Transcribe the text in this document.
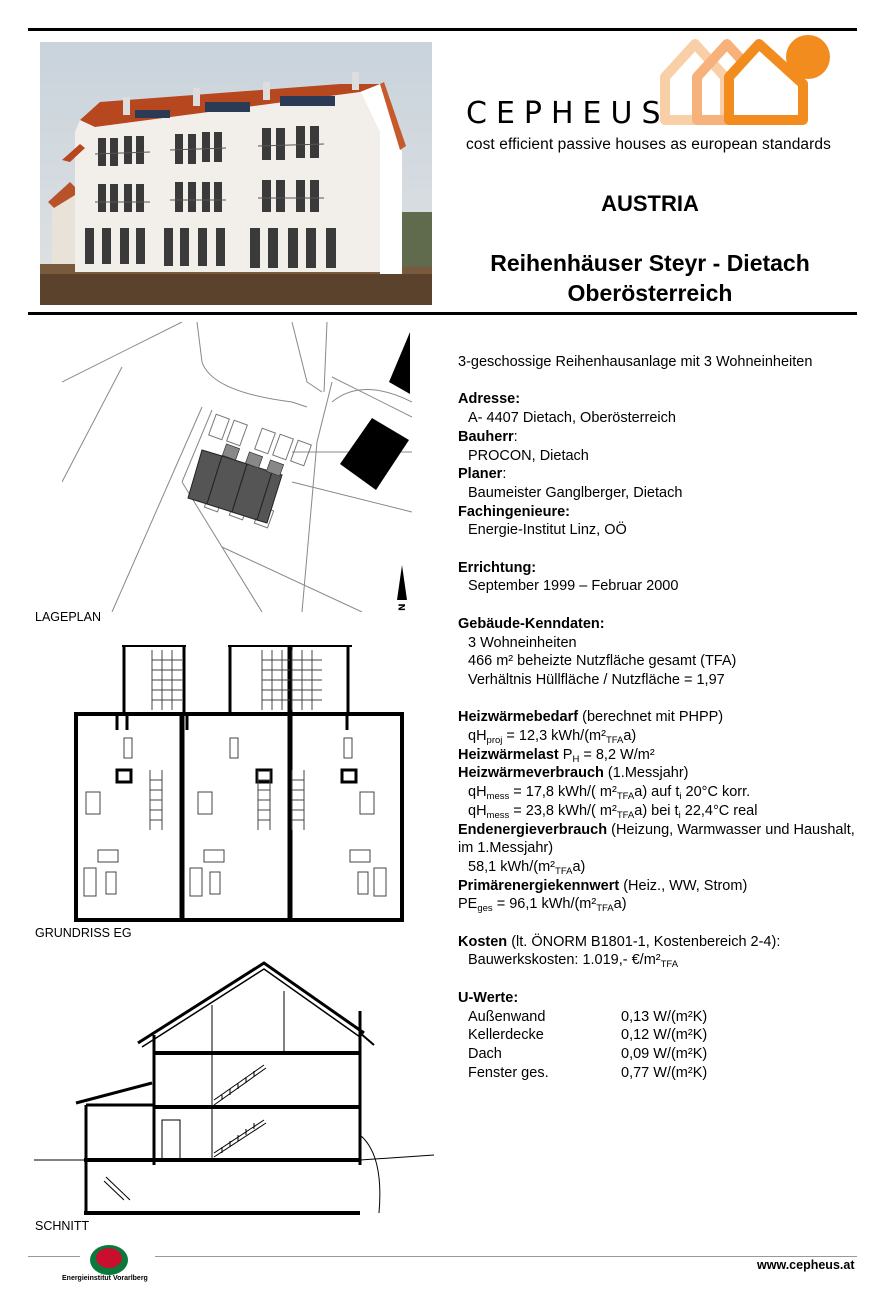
CEPHEUS
cost efficient passive houses as european standards
AUSTRIA
Reihenhäuser Steyr - Dietach
Oberösterreich
N
LAGEPLAN
GRUNDRISS EG
SCHNITT
3-geschossige Reihenhausanlage mit 3 Wohneinheiten
Adresse:
A- 4407 Dietach, Oberösterreich
Bauherr:
PROCON, Dietach
Planer:
Baumeister Ganglberger, Dietach
Fachingenieure:
Energie-Institut Linz, OÖ
Errichtung:
September 1999 – Februar 2000
Gebäude-Kenndaten:
3 Wohneinheiten
466 m² beheizte Nutzfläche gesamt (TFA)
Verhältnis Hüllfläche / Nutzfläche = 1,97
Heizwärmebedarf (berechnet mit PHPP)
$qH_{proj} = 12,3$ kWh/$(m^2_{TFA}a)$
Heizwärmelast $P_H = 8,2$ W/m²
Heizwärmeverbrauch (1.Messjahr)
$qH_{mess} = 17,8$ kWh/( $m^2_{TFA}a$) auf $t_i$ 20°C korr.
$qH_{mess} = 23,8$ kWh/( $m^2_{TFA}a$) bei $t_i$ 22,4°C real
Endenergieverbrauch (Heizung, Warmwasser und Haushalt, im 1.Messjahr)
58,1 kWh/$(m^2_{TFA}a)$
Primärenergiekennwert (Heiz., WW, Strom)
$PE_{ges} = 96,1$ kWh/$(m^2_{TFA}a)$
Kosten (lt. ÖNORM B1801-1, Kostenbereich 2-4):
Bauwerkskosten: 1.019,- $€/m^2_{TFA}$
U-Werte:
Außenwand	0,13 W/(m²K)
Kellerdecke	0,12 W/(m²K)
Dach	0,09 W/(m²K)
Fenster ges.	0,77 W/(m²K)
Energieinstitut Vorarlberg
www.cepheus.at
